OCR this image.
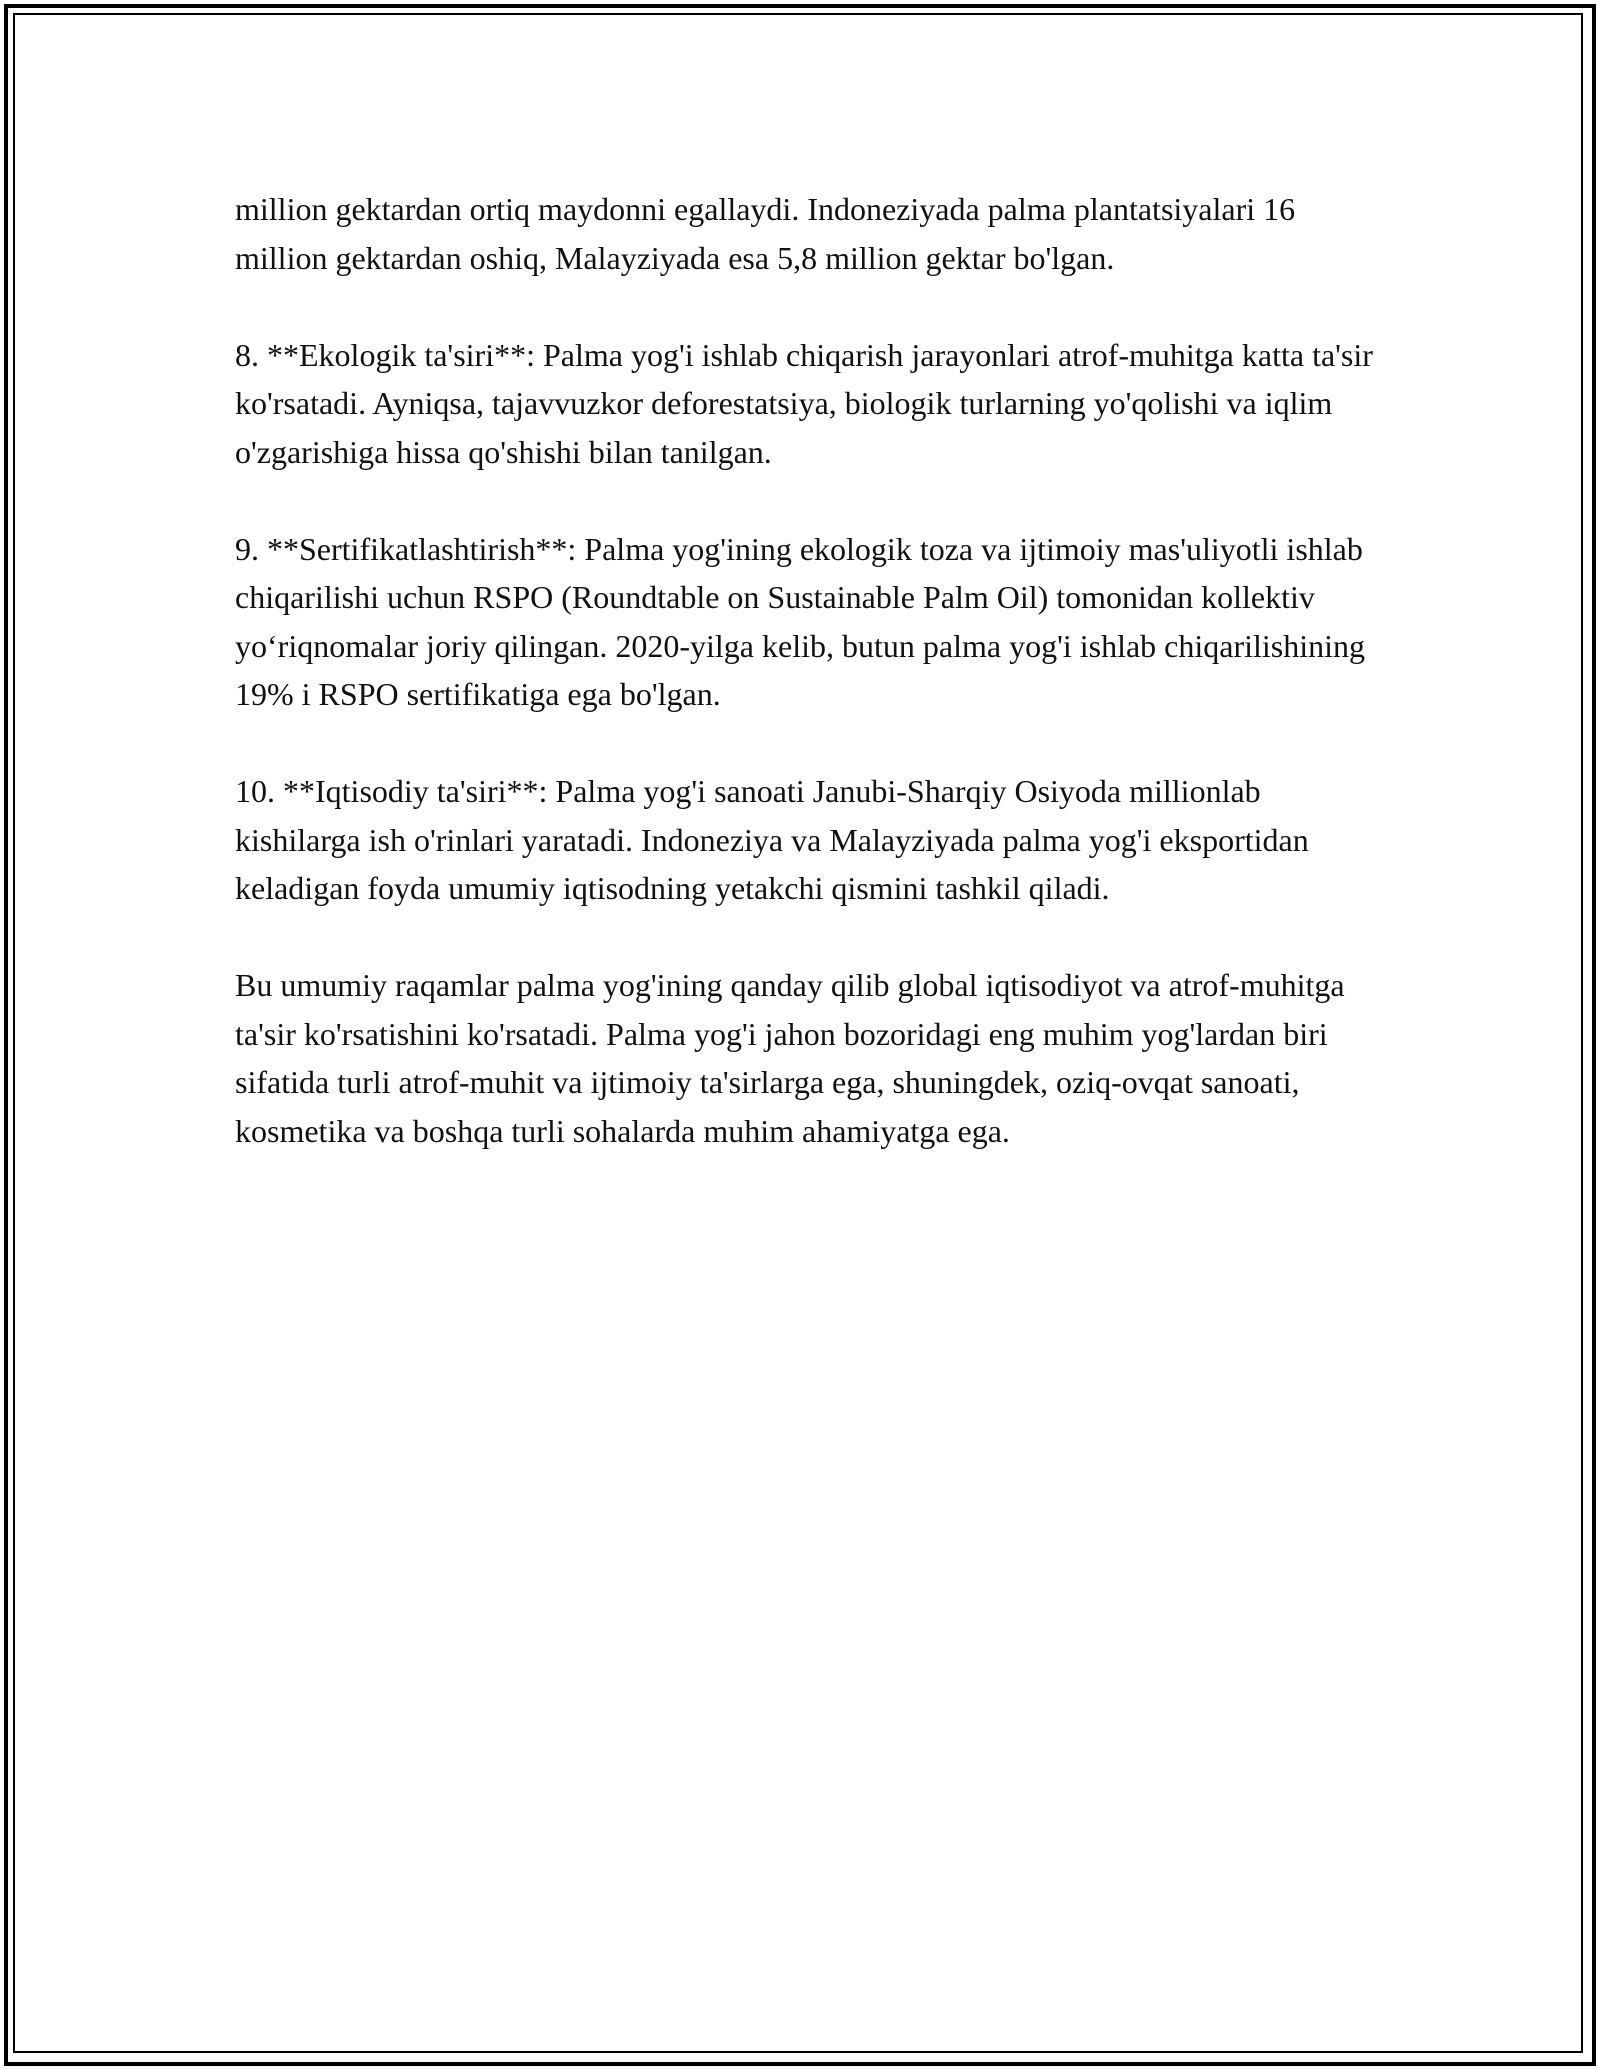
million gektardan ortiq maydonni egallaydi. Indoneziyada palma plantatsiyalari 16 million gektardan oshiq, Malayziyada esa 5,8 million gektar bo'lgan.

8. **Ekologik ta'siri**: Palma yog'i ishlab chiqarish jarayonlari atrof-muhitga katta ta'sir ko'rsatadi. Ayniqsa, tajavvuzkor deforestatsiya, biologik turlarning yo'qolishi va iqlim o'zgarishiga hissa qo'shishi bilan tanilgan.

9. **Sertifikatlashtirish**: Palma yog'ining ekologik toza va ijtimoiy mas'uliyotli ishlab chiqarilishi uchun RSPO (Roundtable on Sustainable Palm Oil) tomonidan kollektiv yo‘riqnomalar joriy qilingan. 2020-yilga kelib, butun palma yog'i ishlab chiqarilishining 19% i RSPO sertifikatiga ega bo'lgan.

10. **Iqtisodiy ta'siri**: Palma yog'i sanoati Janubi-Sharqiy Osiyoda millionlab kishilarga ish o'rinlari yaratadi. Indoneziya va Malayziyada palma yog'i eksportidan keladigan foyda umumiy iqtisodning yetakchi qismini tashkil qiladi.

Bu umumiy raqamlar palma yog'ining qanday qilib global iqtisodiyot va atrof-muhitga ta'sir ko'rsatishini ko'rsatadi. Palma yog'i jahon bozoridagi eng muhim yog'lardan biri sifatida turli atrof-muhit va ijtimoiy ta'sirlarga ega, shuningdek, oziq-ovqat sanoati, kosmetika va boshqa turli sohalarda muhim ahamiyatga ega.
